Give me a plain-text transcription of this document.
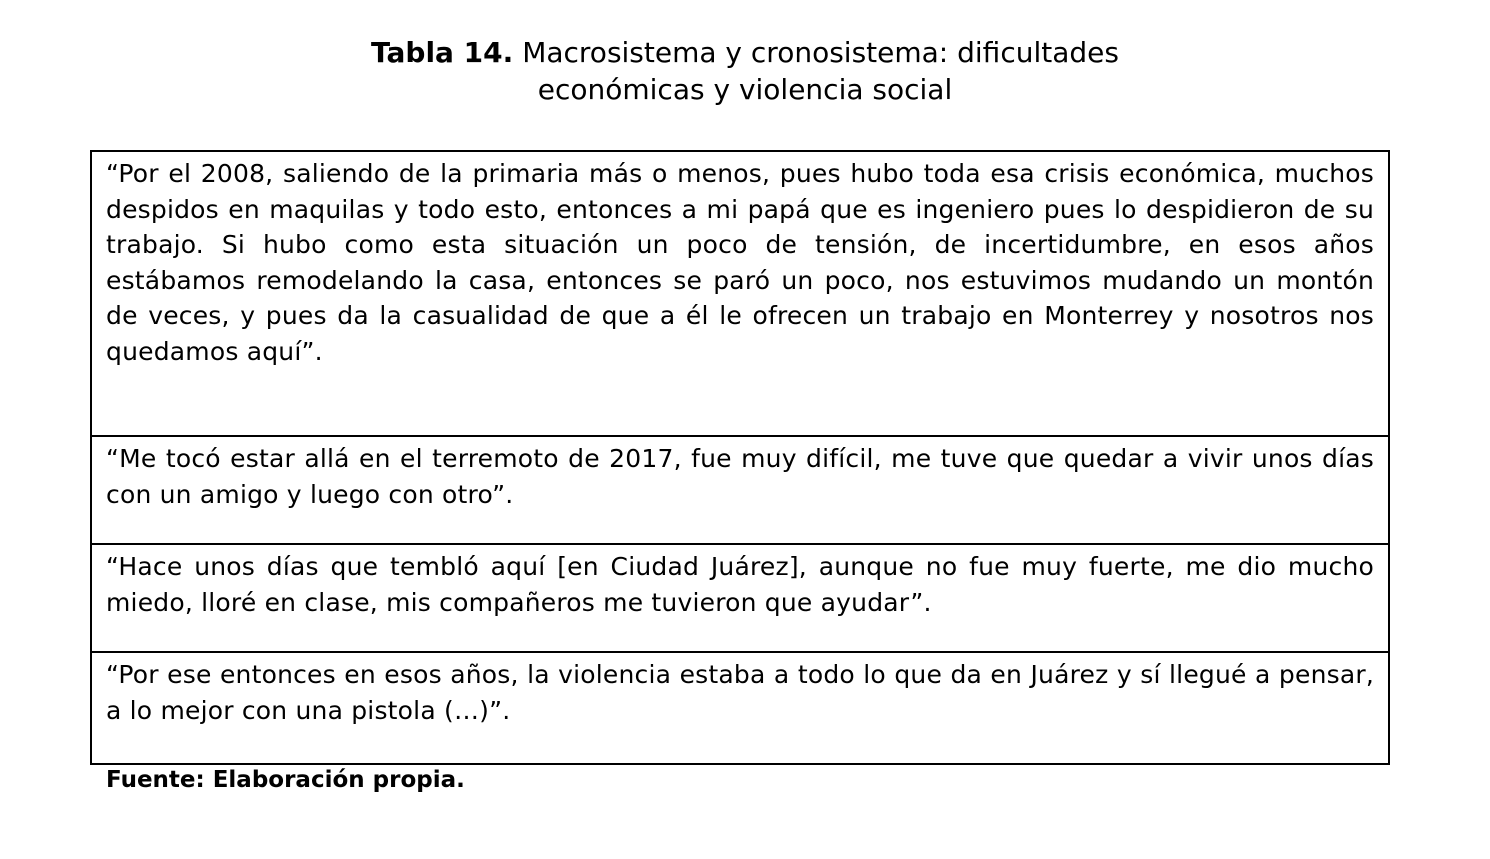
Tabla 14. Macrosistema y cronosistema: dificultades
económicas y violencia social
“Por el 2008, saliendo de la primaria más o menos, pues hubo toda esa crisis económica, muchos despidos en maquilas y todo esto, entonces a mi papá que es ingeniero pues lo despidieron de su trabajo. Si hubo como esta situación un poco de tensión, de incertidumbre, en esos años estábamos remodelando la casa, entonces se paró un poco, nos estuvimos mudando un montón de veces, y pues da la casualidad de que a él le ofrecen un trabajo en Monterrey y nosotros nos quedamos aquí”.
“Me tocó estar allá en el terremoto de 2017, fue muy difícil, me tuve que quedar a vivir unos días con un amigo y luego con otro”.
“Hace unos días que tembló aquí [en Ciudad Juárez], aunque no fue muy fuerte, me dio mucho miedo, lloré en clase, mis compañeros me tuvieron que ayudar”.
“Por ese entonces en esos años, la violencia estaba a todo lo que da en Juárez y sí llegué a pensar, a lo mejor con una pistola (…)”.
Fuente: Elaboración propia.
